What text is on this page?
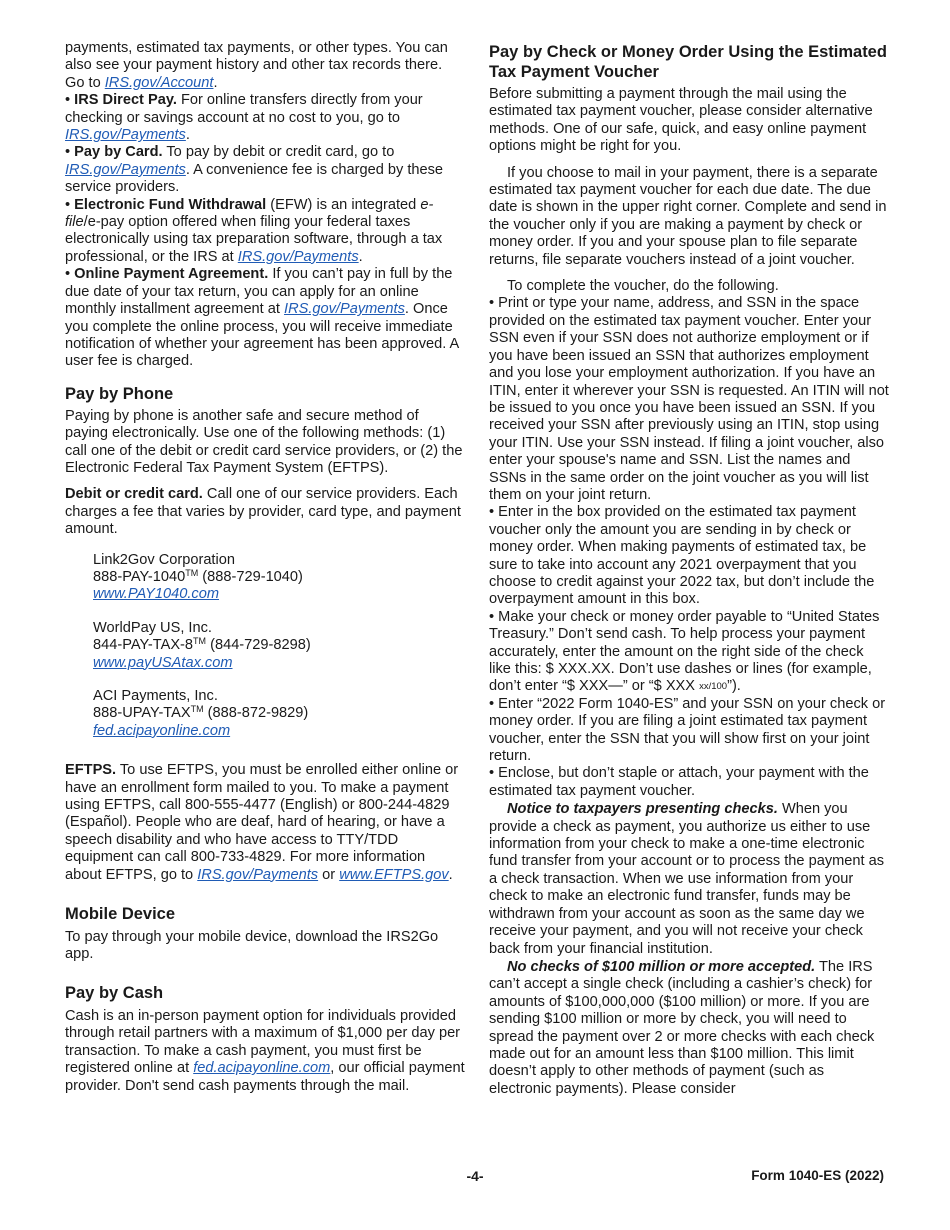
payments, estimated tax payments, or other types. You can also see your payment history and other tax records there. Go to IRS.gov/Account.

• IRS Direct Pay. For online transfers directly from your checking or savings account at no cost to you, go to IRS.gov/Payments.

• Pay by Card. To pay by debit or credit card, go to IRS.gov/Payments. A convenience fee is charged by these service providers.

• Electronic Fund Withdrawal (EFW) is an integrated e-file/e-pay option offered when filing your federal taxes electronically using tax preparation software, through a tax professional, or the IRS at IRS.gov/Payments.

• Online Payment Agreement. If you can’t pay in full by the due date of your tax return, you can apply for an online monthly installment agreement at IRS.gov/Payments. Once you complete the online process, you will receive immediate notification of whether your agreement has been approved. A user fee is charged.

Pay by Phone

Paying by phone is another safe and secure method of paying electronically. Use one of the following methods: (1) call one of the debit or credit card service providers, or (2) the Electronic Federal Tax Payment System (EFTPS).

Debit or credit card. Call one of our service providers. Each charges a fee that varies by provider, card type, and payment amount.

Link2Gov Corporation
888-PAY-1040™ (888-729-1040)
www.PAY1040.com
WorldPay US, Inc.
844-PAY-TAX-8™ (844-729-8298)
www.payUSAtax.com
ACI Payments, Inc.
888-UPAY-TAX™ (888-872-9829)
fed.acipayonline.com

EFTPS. To use EFTPS, you must be enrolled either online or have an enrollment form mailed to you. To make a payment using EFTPS, call 800-555-4477 (English) or 800-244-4829 (Español). People who are deaf, hard of hearing, or have a speech disability and who have access to TTY/TDD equipment can call 800-733-4829. For more information about EFTPS, go to IRS.gov/Payments or www.EFTPS.gov.

Mobile Device

To pay through your mobile device, download the IRS2Go app.

Pay by Cash

Cash is an in-person payment option for individuals provided through retail partners with a maximum of $1,000 per day per transaction. To make a cash payment, you must first be registered online at fed.acipayonline.com, our official payment provider. Don't send cash payments through the mail.

Pay by Check or Money Order Using the Estimated Tax Payment Voucher

Before submitting a payment through the mail using the estimated tax payment voucher, please consider alternative methods. One of our safe, quick, and easy online payment options might be right for you.

If you choose to mail in your payment, there is a separate estimated tax payment voucher for each due date. The due date is shown in the upper right corner. Complete and send in the voucher only if you are making a payment by check or money order. If you and your spouse plan to file separate returns, file separate vouchers instead of a joint voucher.

To complete the voucher, do the following.

• Print or type your name, address, and SSN in the space provided on the estimated tax payment voucher. Enter your SSN even if your SSN does not authorize employment or if you have been issued an SSN that authorizes employment and you lose your employment authorization. If you have an ITIN, enter it wherever your SSN is requested. An ITIN will not be issued to you once you have been issued an SSN. If you received your SSN after previously using an ITIN, stop using your ITIN. Use your SSN instead. If filing a joint voucher, also enter your spouse's name and SSN. List the names and SSNs in the same order on the joint voucher as you will list them on your joint return.

• Enter in the box provided on the estimated tax payment voucher only the amount you are sending in by check or money order. When making payments of estimated tax, be sure to take into account any 2021 overpayment that you choose to credit against your 2022 tax, but don’t include the overpayment amount in this box.

• Make your check or money order payable to “United States Treasury.” Don’t send cash. To help process your payment accurately, enter the amount on the right side of the check like this: $ XXX.XX. Don’t use dashes or lines (for example, don’t enter “$ XXX—” or “$ XXX $^{xx/100}$”).

• Enter “2022 Form 1040-ES” and your SSN on your check or money order. If you are filing a joint estimated tax payment voucher, enter the SSN that you will show first on your joint return.

• Enclose, but don’t staple or attach, your payment with the estimated tax payment voucher.

Notice to taxpayers presenting checks. When you provide a check as payment, you authorize us either to use information from your check to make a one-time electronic fund transfer from your account or to process the payment as a check transaction. When we use information from your check to make an electronic fund transfer, funds may be withdrawn from your account as soon as the same day we receive your payment, and you will not receive your check back from your financial institution.

No checks of $100 million or more accepted. The IRS can’t accept a single check (including a cashier’s check) for amounts of $100,000,000 ($100 million) or more. If you are sending $100 million or more by check, you will need to spread the payment over 2 or more checks with each check made out for an amount less than $100 million. This limit doesn’t apply to other methods of payment (such as electronic payments). Please consider

-4-	Form 1040-ES (2022)
